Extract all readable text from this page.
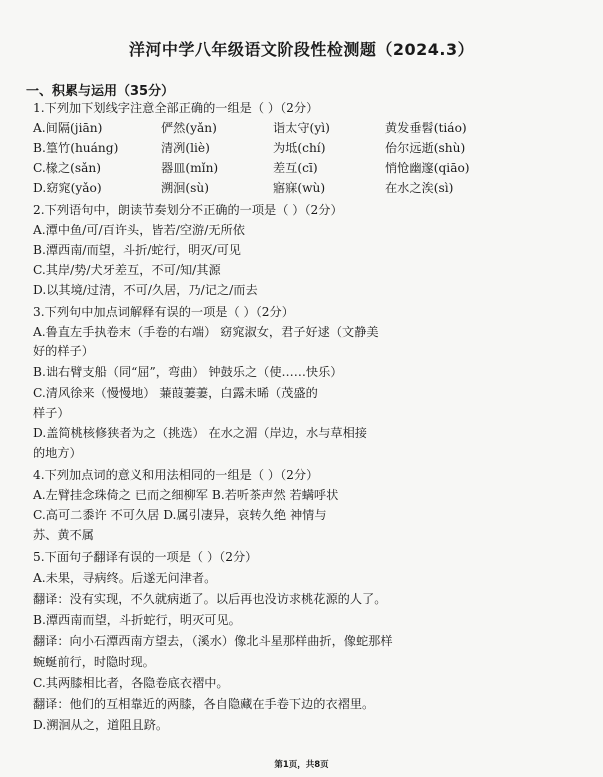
洋河中学八年级语文阶段性检测题（2024.3）
一、积累与运用（35分）
1.下列加下划线字注意全部正确的一组是（ ）（2分）
A.间隔(jiān)	俨然(yǎn)	诣太守(yì)	黄发垂髫(tiáo)
B.篁竹(huáng)	清冽(liè)	为坻(chí)	佁尔远逝(shù)
C.椽之(sǎn)	器皿(mǐn)	差互(cī)	悄怆幽邃(qiāo)
D.窈窕(yǎo)	溯洄(sù)	寤寐(wù)	在水之涘(sì)
2.下列语句中，朗读节奏划分不正确的一项是（ ）（2分）
A.潭中鱼/可/百许头，皆若/空游/无所依
B.潭西南/而望，斗折/蛇行，明灭/可见
C.其岸/势/犬牙差互，不可/知/其源
D.以其境/过清，不可/久居，乃/记之/而去
3.下列句中加点词解释有误的一项是（ ）（2分）
A.鲁直左手执卷末（手卷的右端） 窈窕淑女，君子好逑（文静美
好的样子）
B.诎右臂支船（同“屈”，弯曲） 钟鼓乐之（使……快乐）
C.清风徐来（慢慢地） 蒹葭萋萋，白露未晞（茂盛的
样子）
D.盖简桃核修狭者为之（挑选） 在水之湄（岸边，水与草相接
的地方）
4.下列加点词的意义和用法相同的一组是（ ）（2分）
A.左臂挂念珠倚之 已而之细柳军 B.若听茶声然 若螨呼状
C.高可二黍许 不可久居 D.属引凄异，哀转久绝 神情与
苏、黄不属
5.下面句子翻译有误的一项是（ ）（2分）
A.未果，寻病终。后遂无问津者。
翻译：没有实现，不久就病逝了。以后再也没访求桃花源的人了。
B.潭西南而望，斗折蛇行，明灭可见。
翻译：向小石潭西南方望去，（溪水）像北斗星那样曲折，像蛇那样
蜿蜒前行，时隐时现。
C.其两膝相比者，各隐卷底衣褶中。
翻译：他们的互相靠近的两膝，各自隐藏在手卷下边的衣褶里。
D.溯洄从之，道阻且跻。
第1页，共8页
